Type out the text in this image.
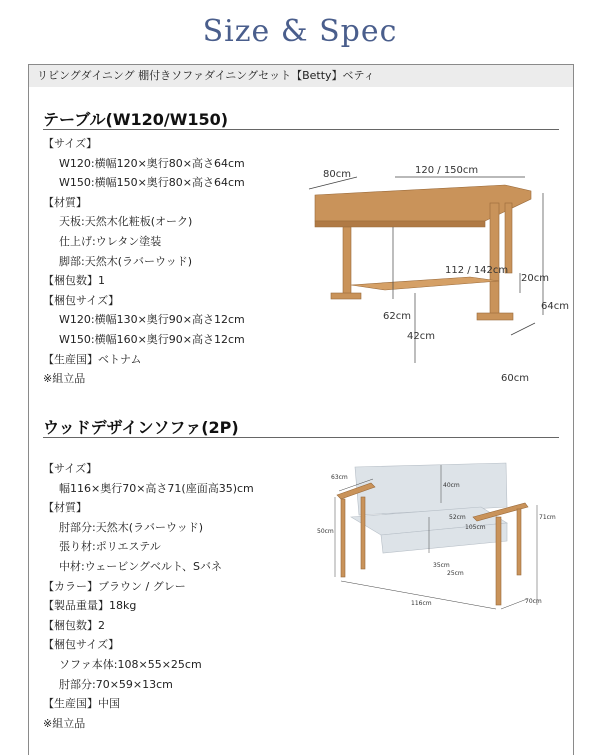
Size & Spec
リビングダイニング 棚付きソファダイニングセット【Betty】ベティ
テーブル(W120/W150)
【サイズ】
W120:横幅120×奥行80×高さ64cm
W150:横幅150×奥行80×高さ64cm
【材質】
天板:天然木化粧板(オーク)
仕上げ:ウレタン塗装
脚部:天然木(ラバーウッド)
【梱包数】1
【梱包サイズ】
W120:横幅130×奥行90×高さ12cm
W150:横幅160×奥行90×高さ12cm
【生産国】ベトナム
※組立品
80cm	120 / 150cm
112 / 142cm
20cm
64cm
62cm
42cm
60cm
ウッドデザインソファ(2P)
【サイズ】
幅116×奥行70×高さ71(座面高35)cm
【材質】
肘部分:天然木(ラバーウッド)
張り材:ポリエステル
中材:ウェービングベルト、Sバネ
【カラー】ブラウン / グレー
【製品重量】18kg
【梱包数】2
【梱包サイズ】
ソファ本体:108×55×25cm
肘部分:70×59×13cm
【生産国】中国
※組立品
63cm
40cm
52cm
105cm
50cm
71cm
35cm
25cm
116cm	70cm
